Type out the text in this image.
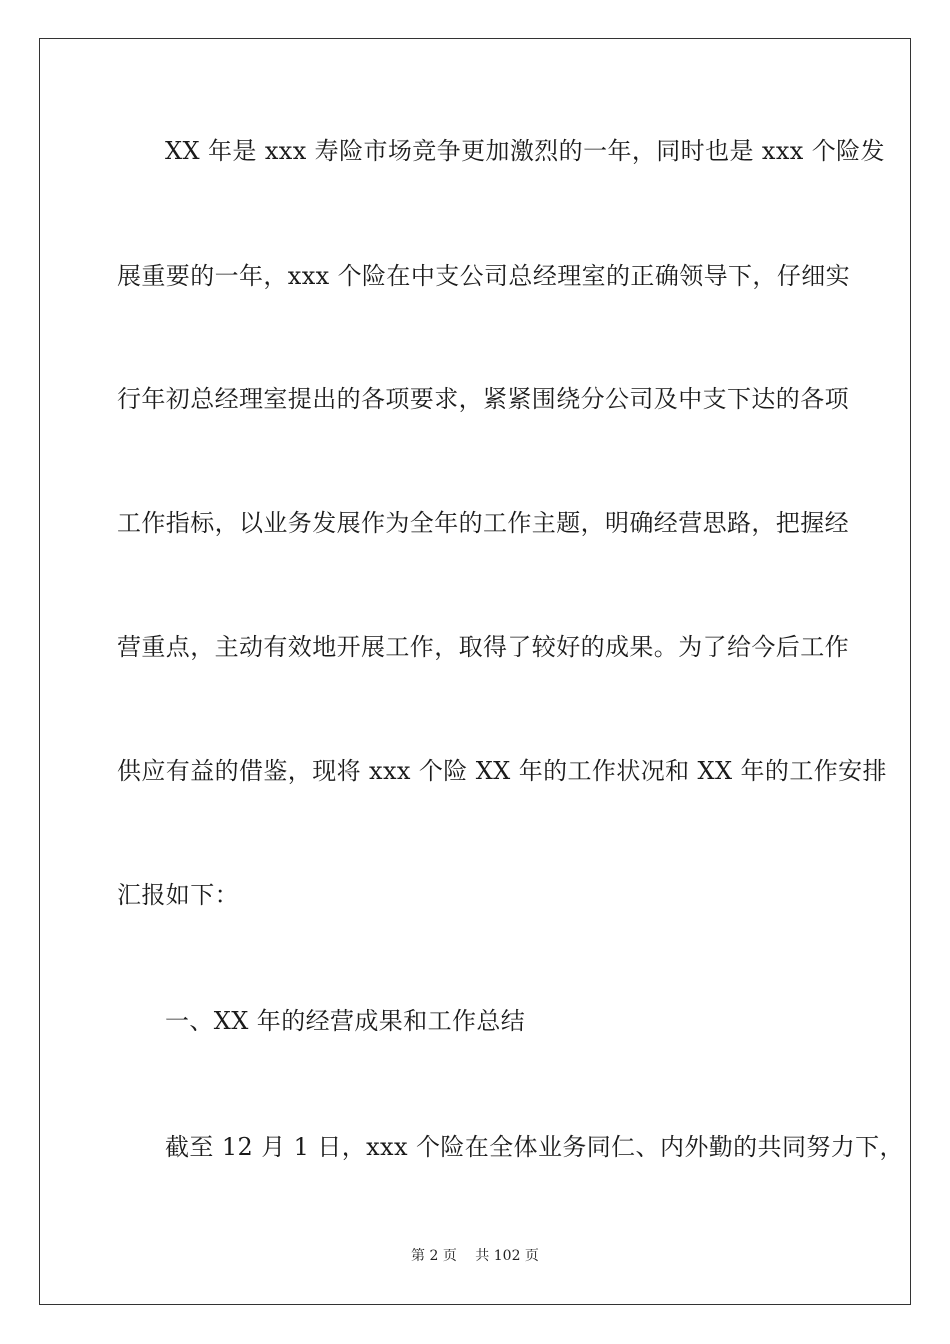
XX 年是 xxx 寿险市场竞争更加激烈的一年，同时也是 xxx 个险发
展重要的一年，xxx 个险在中支公司总经理室的正确领导下，仔细实
行年初总经理室提出的各项要求，紧紧围绕分公司及中支下达的各项
工作指标，以业务发展作为全年的工作主题，明确经营思路，把握经
营重点，主动有效地开展工作，取得了较好的成果。为了给今后工作
供应有益的借鉴，现将 xxx 个险 XX 年的工作状况和 XX 年的工作安排
汇报如下：
一、XX 年的经营成果和工作总结
截至 12 月 1 日，xxx 个险在全体业务同仁、内外勤的共同努力下，
第 2 页　 共 102 页
